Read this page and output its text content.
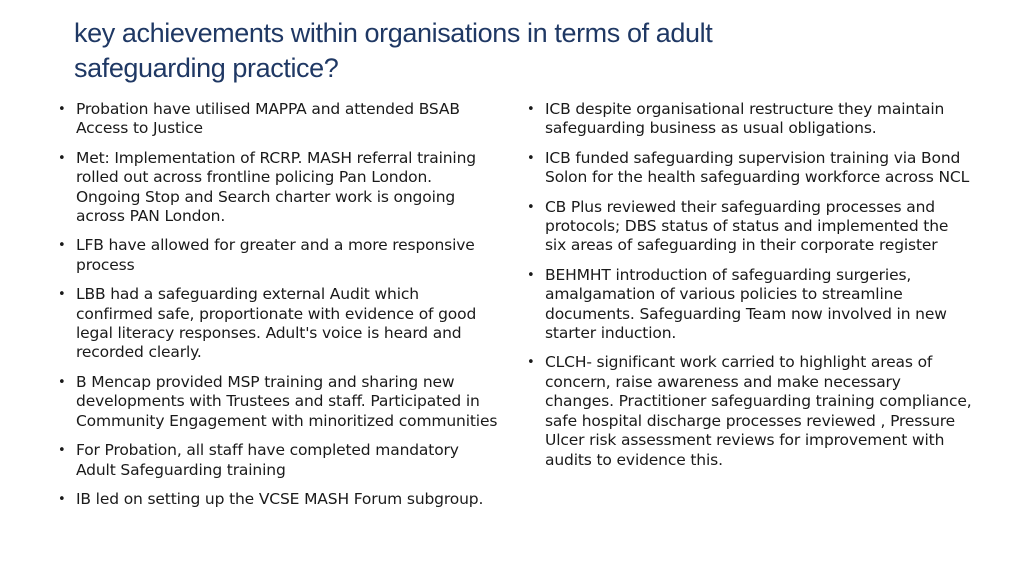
key achievements within organisations in terms of adult
safeguarding practice?
• Probation have utilised MAPPA and attended BSAB Access to Justice
• Met: Implementation of RCRP. MASH referral training rolled out across frontline policing Pan London. Ongoing Stop and Search charter work is ongoing across PAN London.
• LFB have allowed for greater and a more responsive process
• LBB had a safeguarding external Audit which confirmed safe, proportionate with evidence of good legal literacy responses. Adult's voice is heard and recorded clearly.
• B Mencap provided MSP training and sharing new developments with Trustees and staff. Participated in Community Engagement with minoritized communities
• For Probation, all staff have completed mandatory Adult Safeguarding training
• IB led on setting up the VCSE MASH Forum subgroup.
• ICB despite organisational restructure they maintain safeguarding business as usual obligations.
• ICB funded safeguarding supervision training via Bond Solon for the health safeguarding workforce across NCL
• CB Plus reviewed their safeguarding processes and protocols; DBS status of status and implemented the six areas of safeguarding in their corporate register
• BEHMHT introduction of safeguarding surgeries, amalgamation of various policies to streamline documents. Safeguarding Team now involved in new starter induction.
• CLCH- significant work carried to highlight areas of concern, raise awareness and make necessary changes. Practitioner safeguarding training compliance, safe hospital discharge processes reviewed , Pressure Ulcer risk assessment reviews for improvement with audits to evidence this.
